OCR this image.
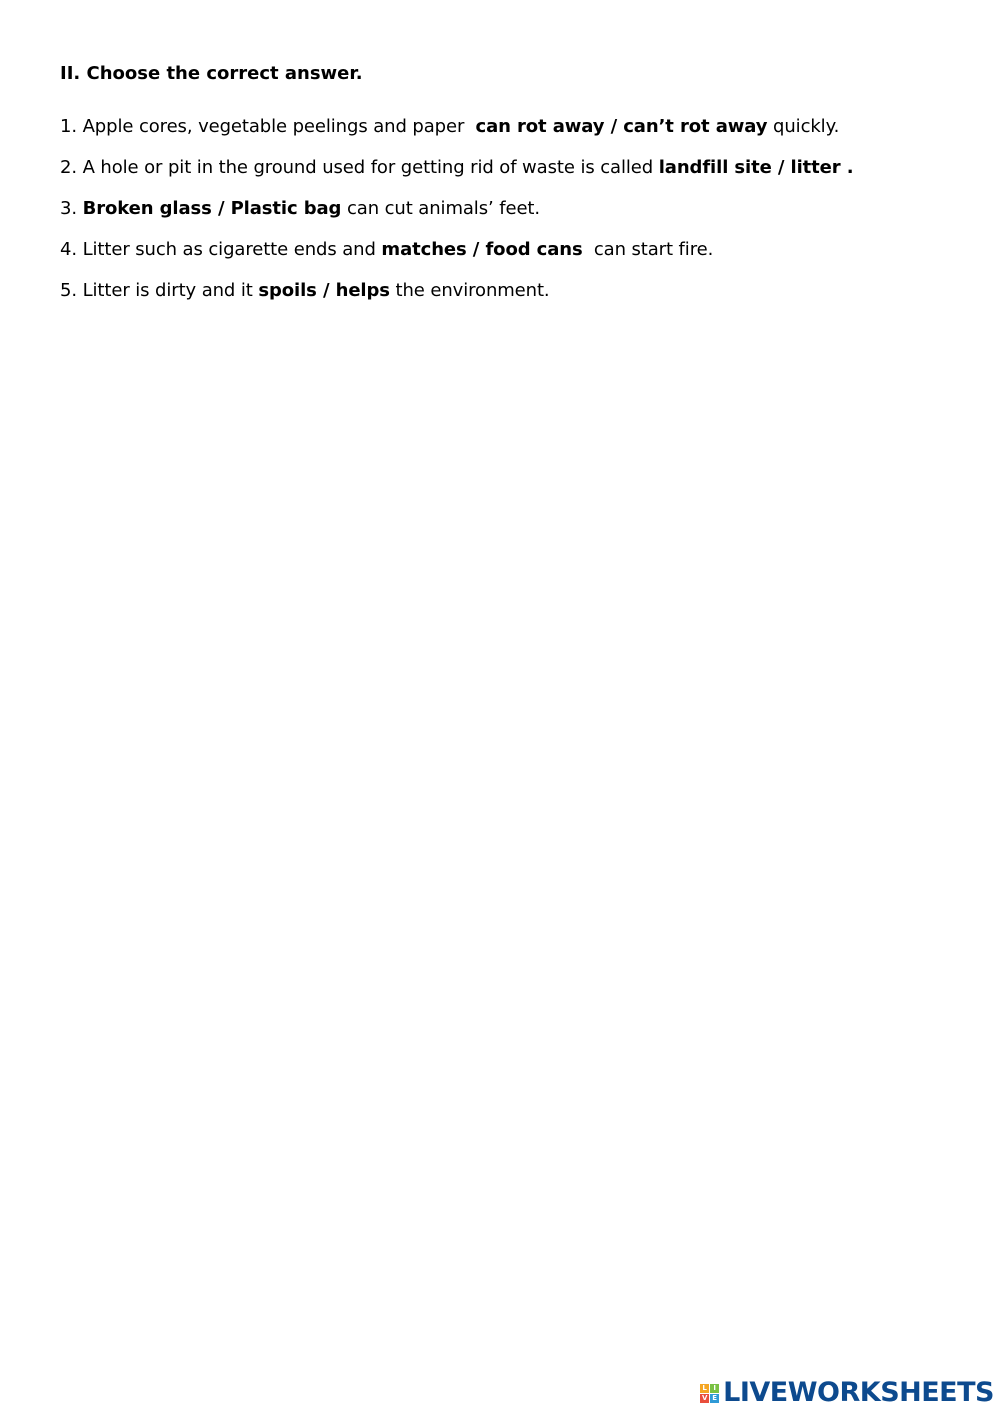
II. Choose the correct answer.
1. Apple cores, vegetable peelings and paper  can rot away / can’t rot away quickly.
2. A hole or pit in the ground used for getting rid of waste is called landfill site / litter .
3. Broken glass / Plastic bag can cut animals’ feet.
4. Litter such as cigarette ends and matches / food cans  can start fire.
5. Litter is dirty and it spoils / helps the environment.
L I
V E LIVEWORKSHEETS
